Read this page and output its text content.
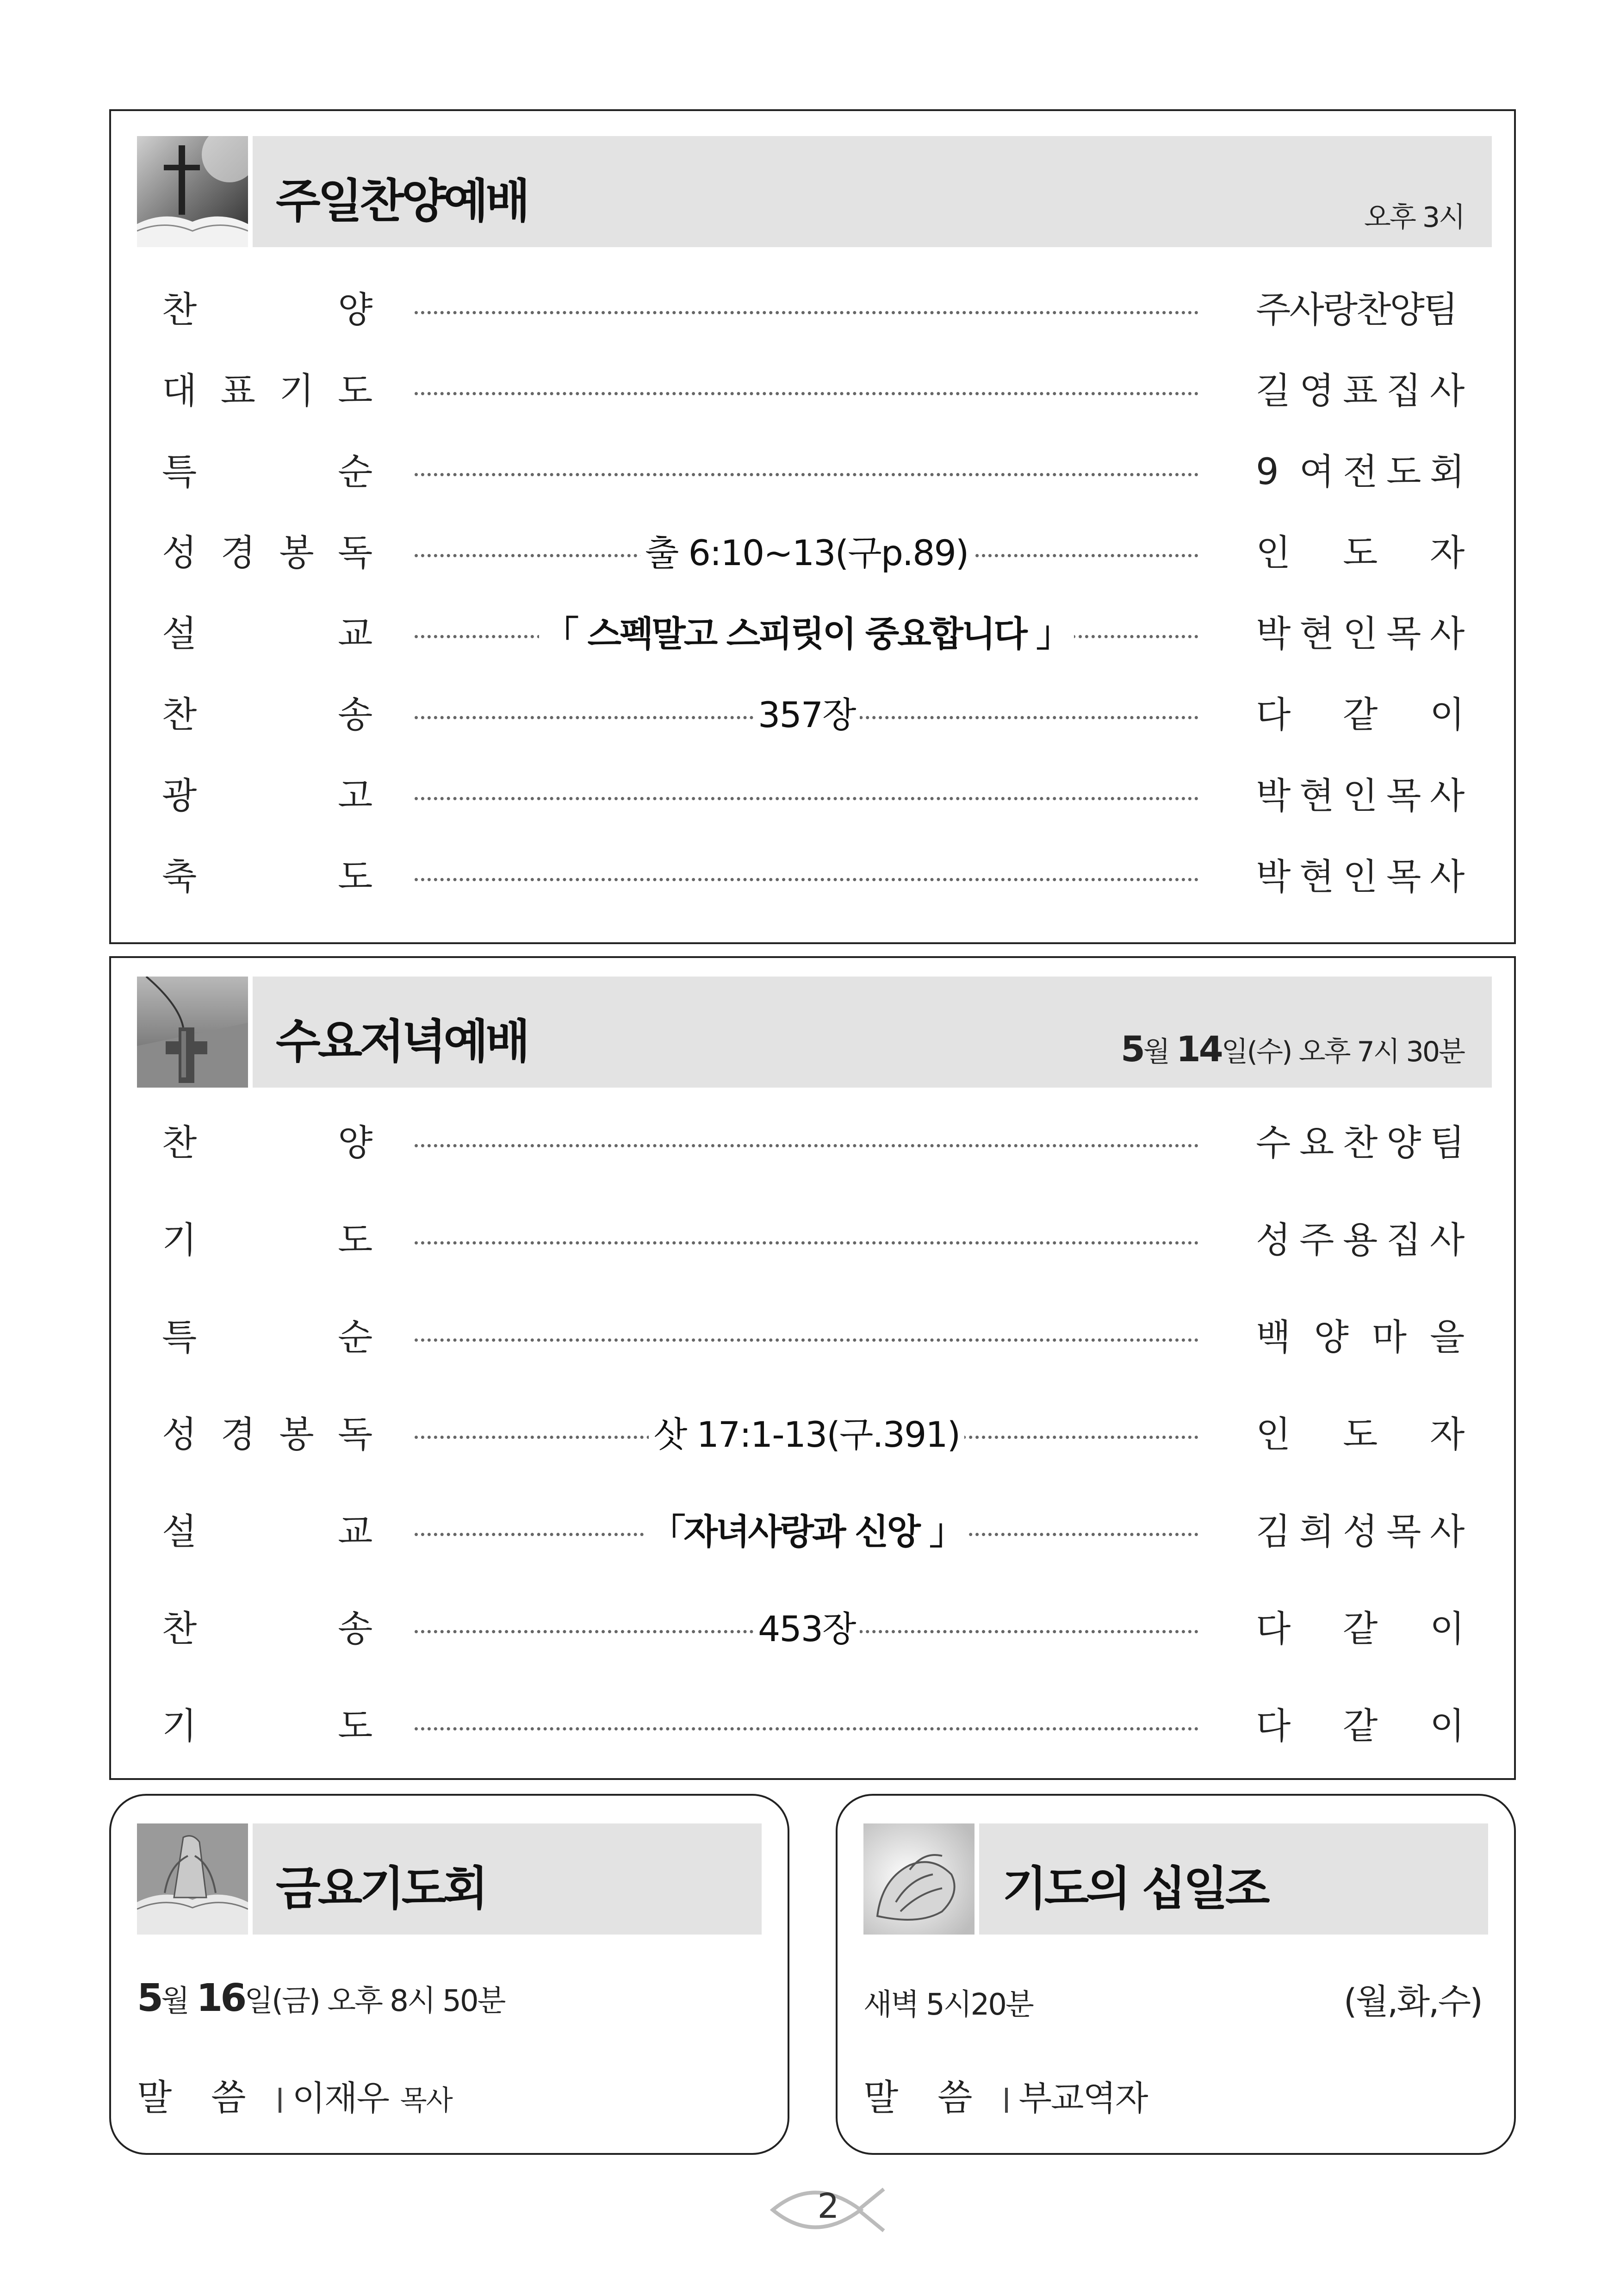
주일찬양예배	오후 3시
찬	양	주사랑찬양팀
대 표 기 도	길 영 표 집 사
특	순	9 여 전 도 회
성 경 봉 독	출 6:10~13(구p.89)	인 도 자
설	교	「 스펙말고 스피릿이 중요합니다 」	박 현 인 목 사
찬	송	357장	다 같 이
광	고	박 현 인 목 사
축	도	박 현 인 목 사
수요저녁예배	5월 14일(수) 오후 7시 30분
찬	양	수 요 찬 양 팀
기	도	성 주 용 집 사
특	순	백 양 마 을
성 경 봉 독	삿 17:1-13(구.391)	인 도 자
설	교	「자녀사랑과 신앙 」	김 희 성 목 사
찬	송	453장	다 같 이
기	도	다 같 이
금요기도회
5월 16일(금) 오후 8시 50분
말 씀 이재우 목사
기도의 십일조
새벽 5시20분	(월,화,수)
말 씀 부교역자
2
